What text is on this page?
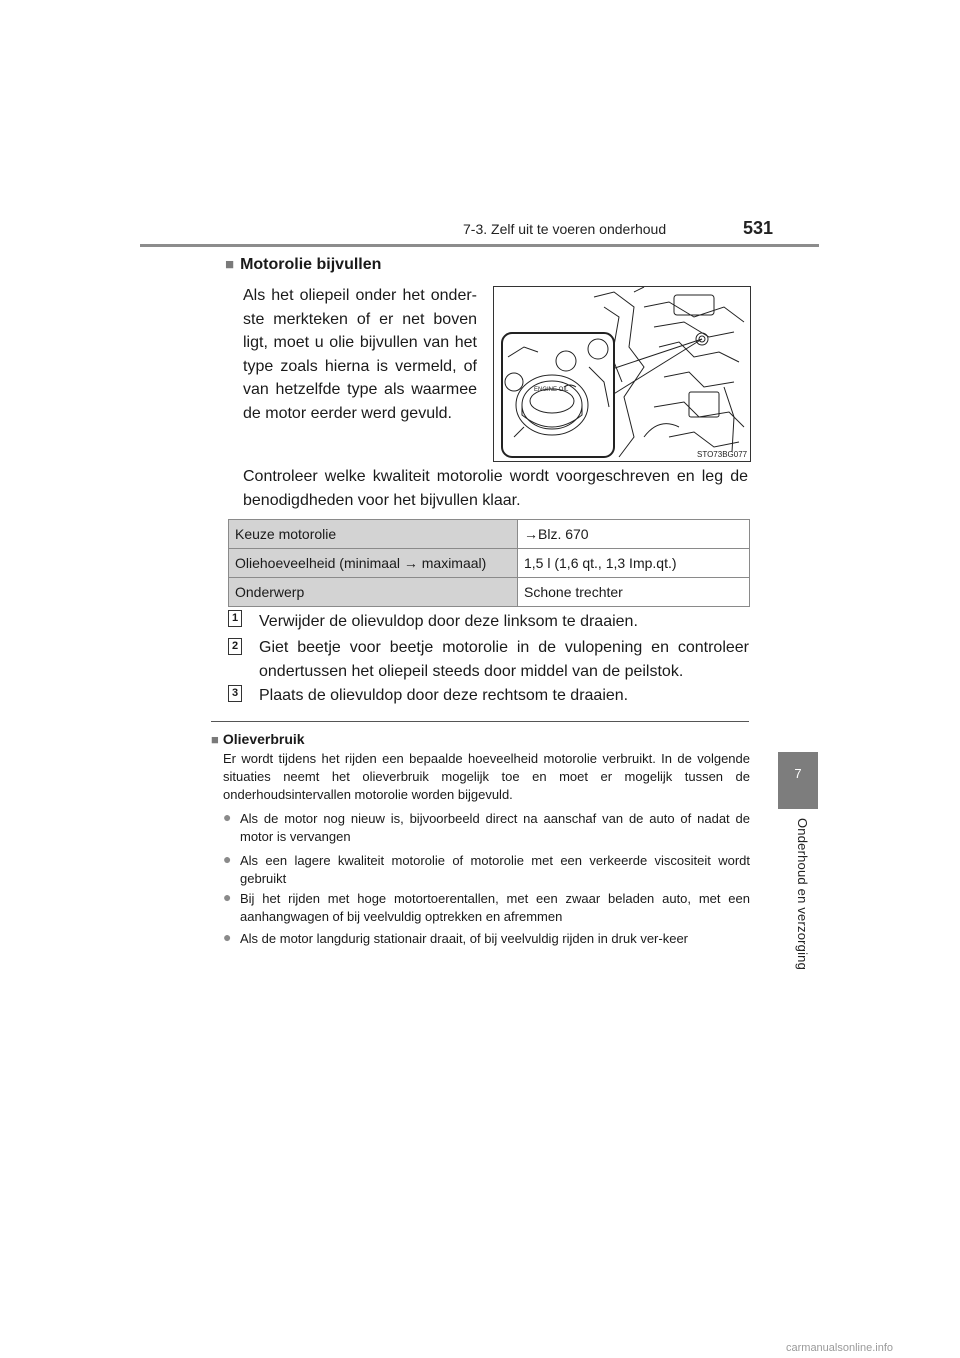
7-3. Zelf uit te voeren onderhoud	531
7
Onderhoud en verzorging
■ Motorolie bijvullen
Als het oliepeil onder het onder-ste merkteken of er net boven ligt, moet u olie bijvullen van het type zoals hierna is vermeld, of van hetzelfde type als waarmee de motor eerder werd gevuld.
ENGINE OIL
STO73BG077
Controleer welke kwaliteit motorolie wordt voorgeschreven en leg de benodigdheden voor het bijvullen klaar.
Keuze motorolie	→Blz. 670
Oliehoeveelheid (minimaal → maximaal)	1,5 l (1,6 qt., 1,3 Imp.qt.)
Onderwerp	Schone trechter
1 Verwijder de olievuldop door deze linksom te draaien.
2 Giet beetje voor beetje motorolie in de vulopening en controleer ondertussen het oliepeil steeds door middel van de peilstok.
3 Plaats de olievuldop door deze rechtsom te draaien.
■ Olieverbruik
Er wordt tijdens het rijden een bepaalde hoeveelheid motorolie verbruikt. In de volgende situaties neemt het olieverbruik mogelijk toe en moet er mogelijk tussen de onderhoudsintervallen motorolie worden bijgevuld.
● Als de motor nog nieuw is, bijvoorbeeld direct na aanschaf van de auto of nadat de motor is vervangen
● Als een lagere kwaliteit motorolie of motorolie met een verkeerde viscositeit wordt gebruikt
● Bij het rijden met hoge motortoerentallen, met een zwaar beladen auto, met een aanhangwagen of bij veelvuldig optrekken en afremmen
● Als de motor langdurig stationair draait, of bij veelvuldig rijden in druk ver-keer
carmanualsonline.info
